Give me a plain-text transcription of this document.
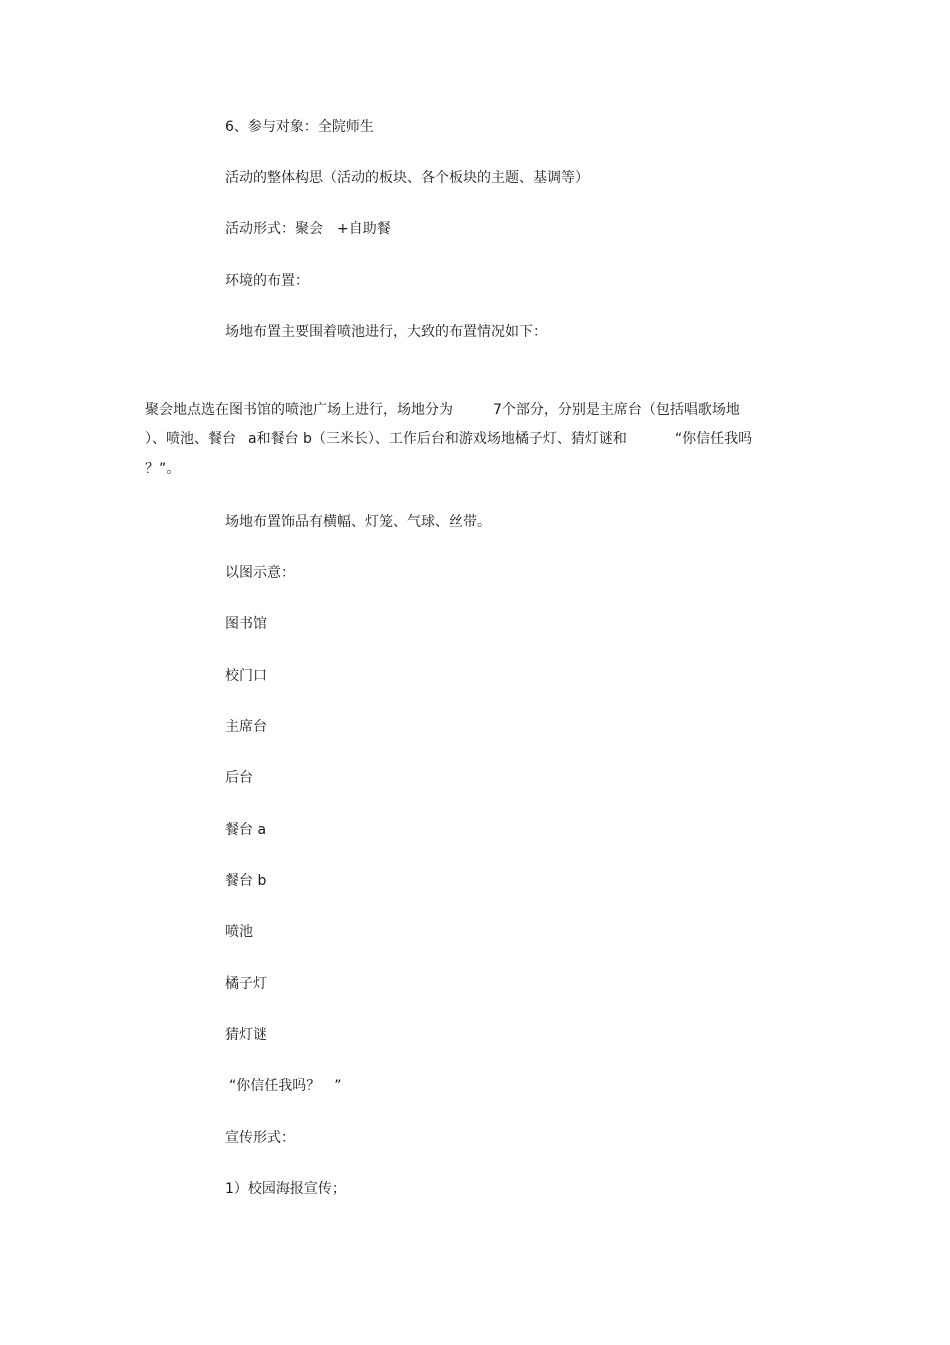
6、参与对象：全院师生
活动的整体构思（活动的板块、各个板块的主题、基调等）
活动形式：聚会 +自助餐
环境的布置：
场地布置主要围着喷池进行，大致的布置情况如下：
聚会地点选在图书馆的喷池广场上进行，场地分为	7个部分，分别是主席台（包括唱歌场地
）、喷池、餐台 a和餐台 b（三米长）、工作后台和游戏场地橘子灯、猜灯谜和	“你信任我吗
？”。
场地布置饰品有横幅、灯笼、气球、丝带。
以图示意：
图书馆
校门口
主席台
后台
餐台 a
餐台 b
喷池
橘子灯
猜灯谜
“你信任我吗？ ”
宣传形式：
1）校园海报宣传；
